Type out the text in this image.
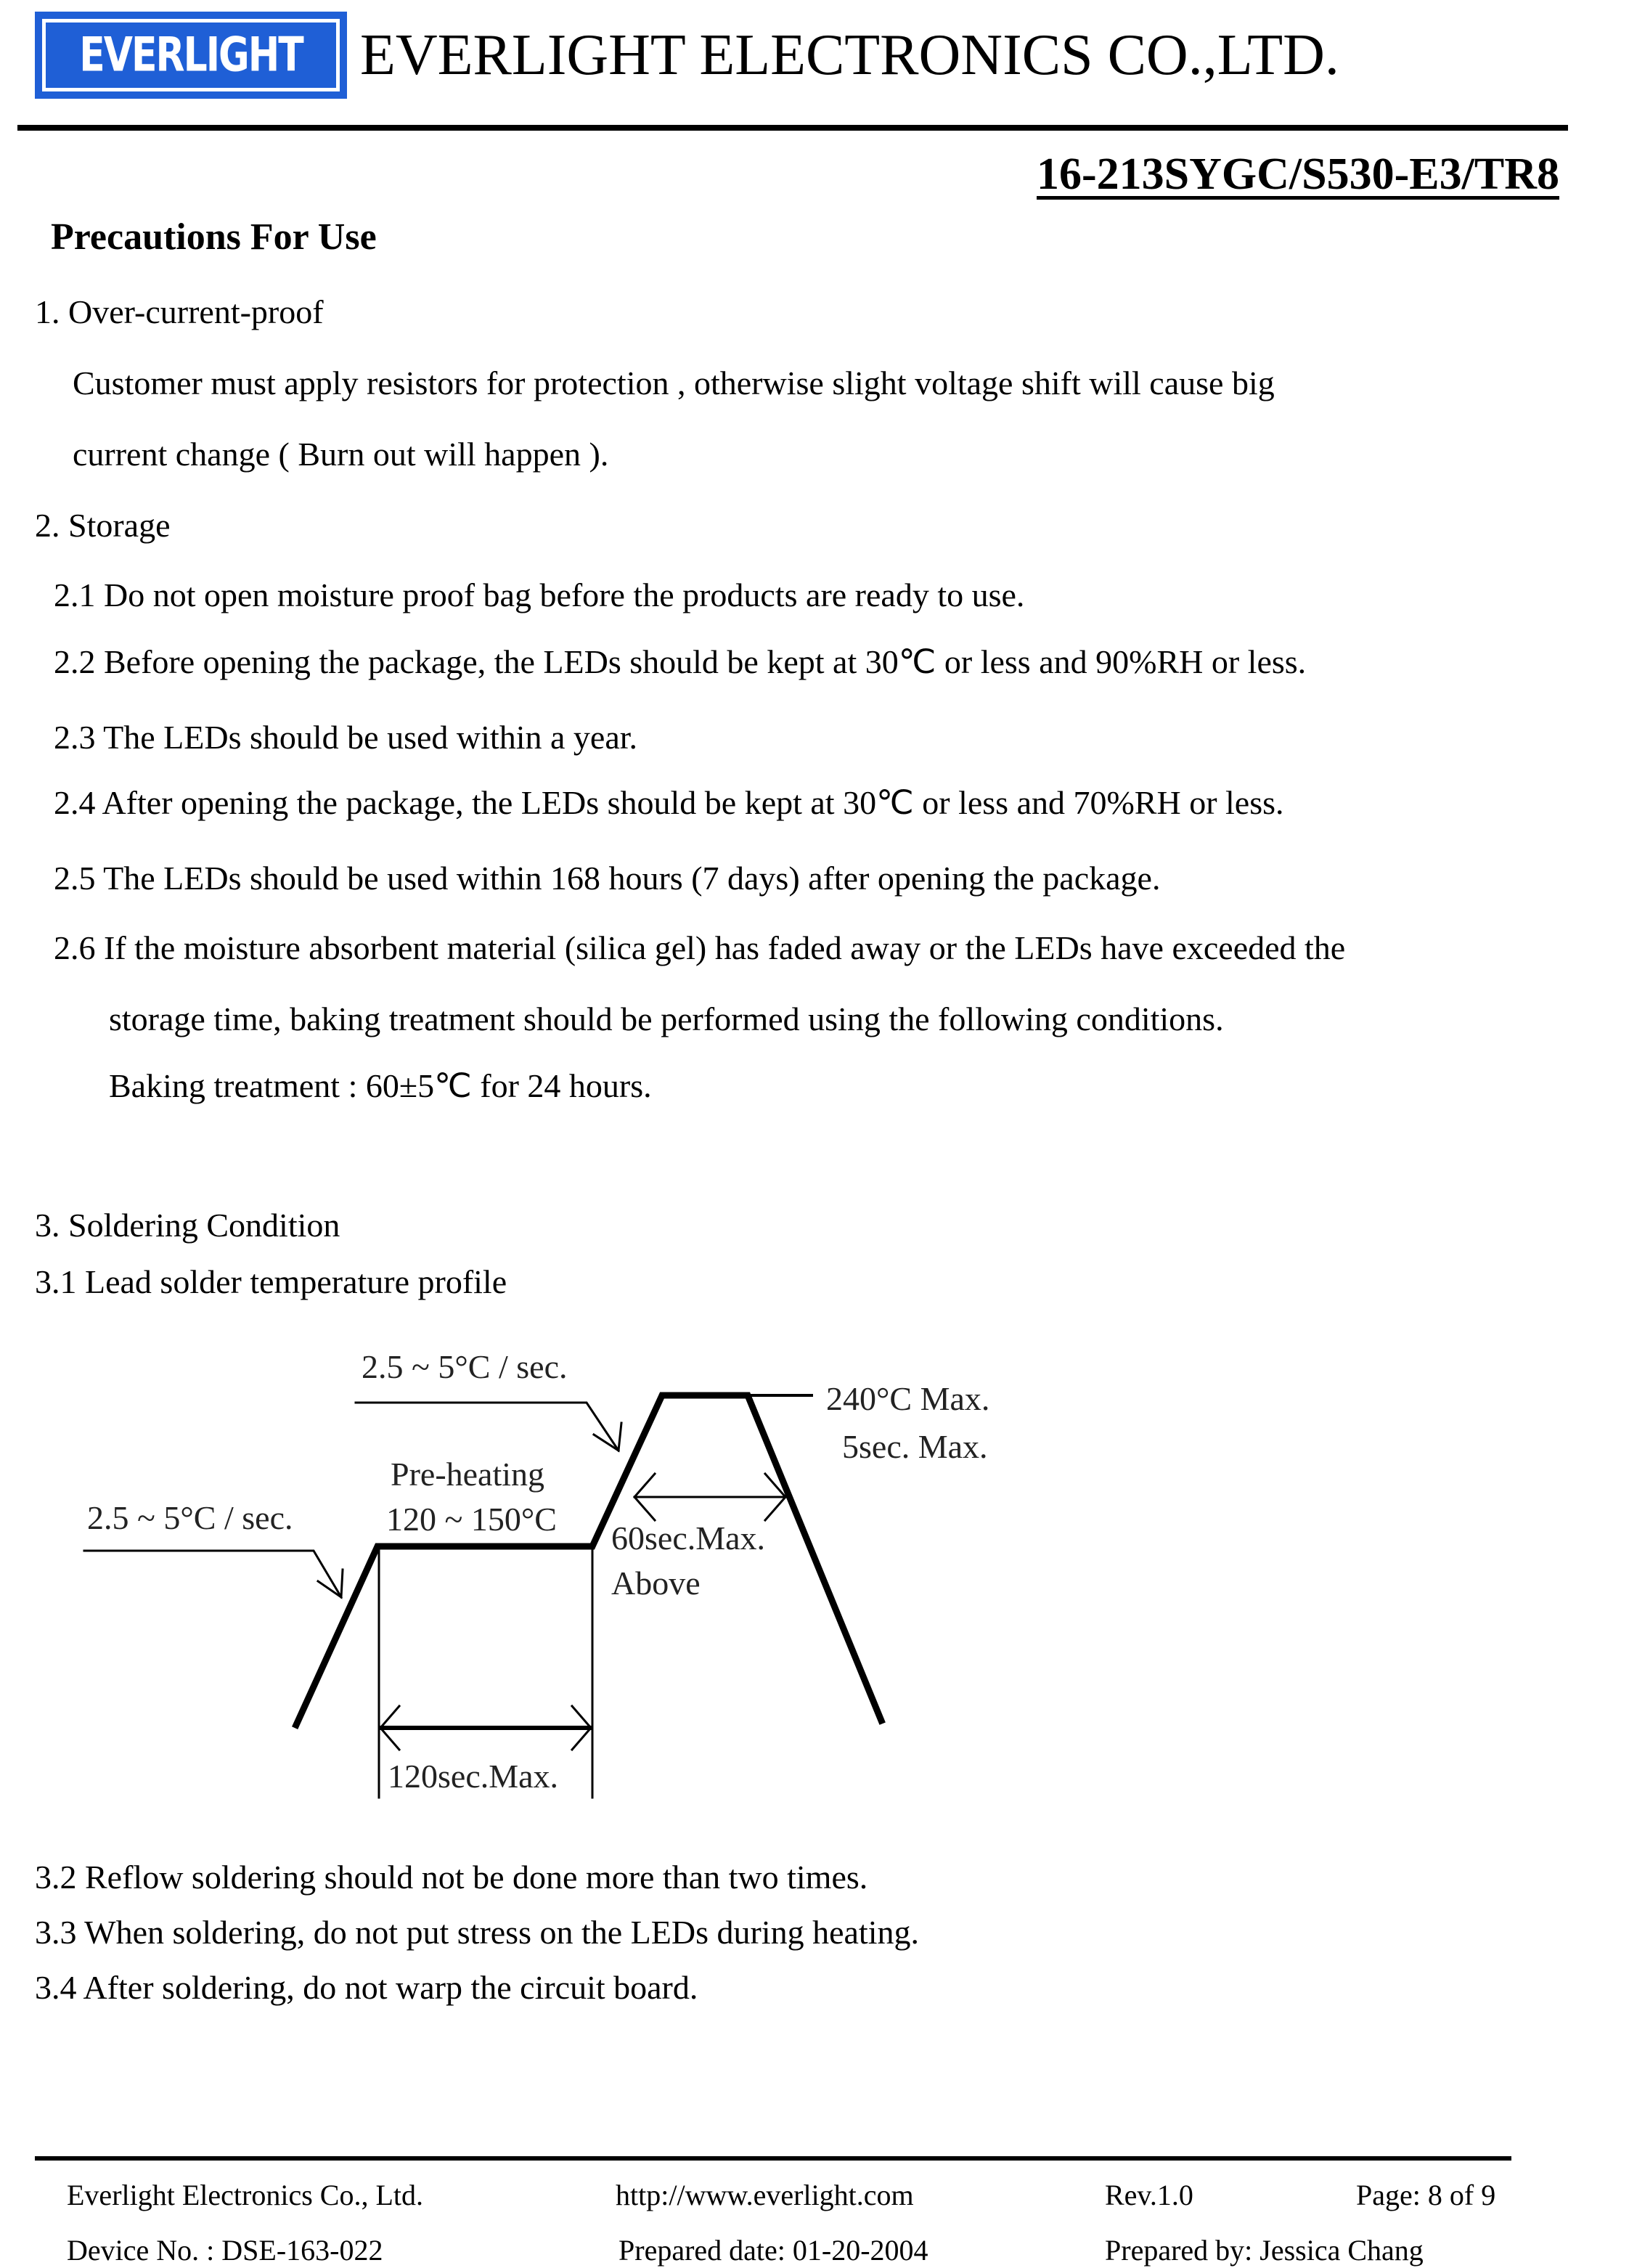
EVERLIGHT EVERLIGHT ELECTRONICS CO.,LTD.
16-213SYGC/S530-E3/TR8
Precautions For Use
1. Over-current-proof
Customer must apply resistors for protection , otherwise slight voltage shift will cause big
current change ( Burn out will happen ).
2. Storage
2.1 Do not open moisture proof bag before the products are ready to use.
2.2 Before opening the package, the LEDs should be kept at 30℃ or less and 90%RH or less.
2.3 The LEDs should be used within a year.
2.4 After opening the package, the LEDs should be kept at 30℃ or less and 70%RH or less.
2.5 The LEDs should be used within 168 hours (7 days) after opening the package.
2.6 If the moisture absorbent material (silica gel) has faded away or the LEDs have exceeded the
storage time, baking treatment should be performed using the following conditions.
Baking treatment : 60±5℃ for 24 hours.
3. Soldering Condition
3.1 Lead solder temperature profile
2.5 ~ 5°C / sec.
240°C Max.
5sec. Max.
Pre-heating
120 ~ 150°C
2.5 ~ 5°C / sec.
60sec.Max.
Above
120sec.Max.
3.2 Reflow soldering should not be done more than two times.
3.3 When soldering, do not put stress on the LEDs during heating.
3.4 After soldering, do not warp the circuit board.
Everlight Electronics Co., Ltd.	http://www.everlight.com	Rev.1.0	Page: 8 of 9
Device No. : DSE-163-022	Prepared date: 01-20-2004	Prepared by: Jessica Chang
